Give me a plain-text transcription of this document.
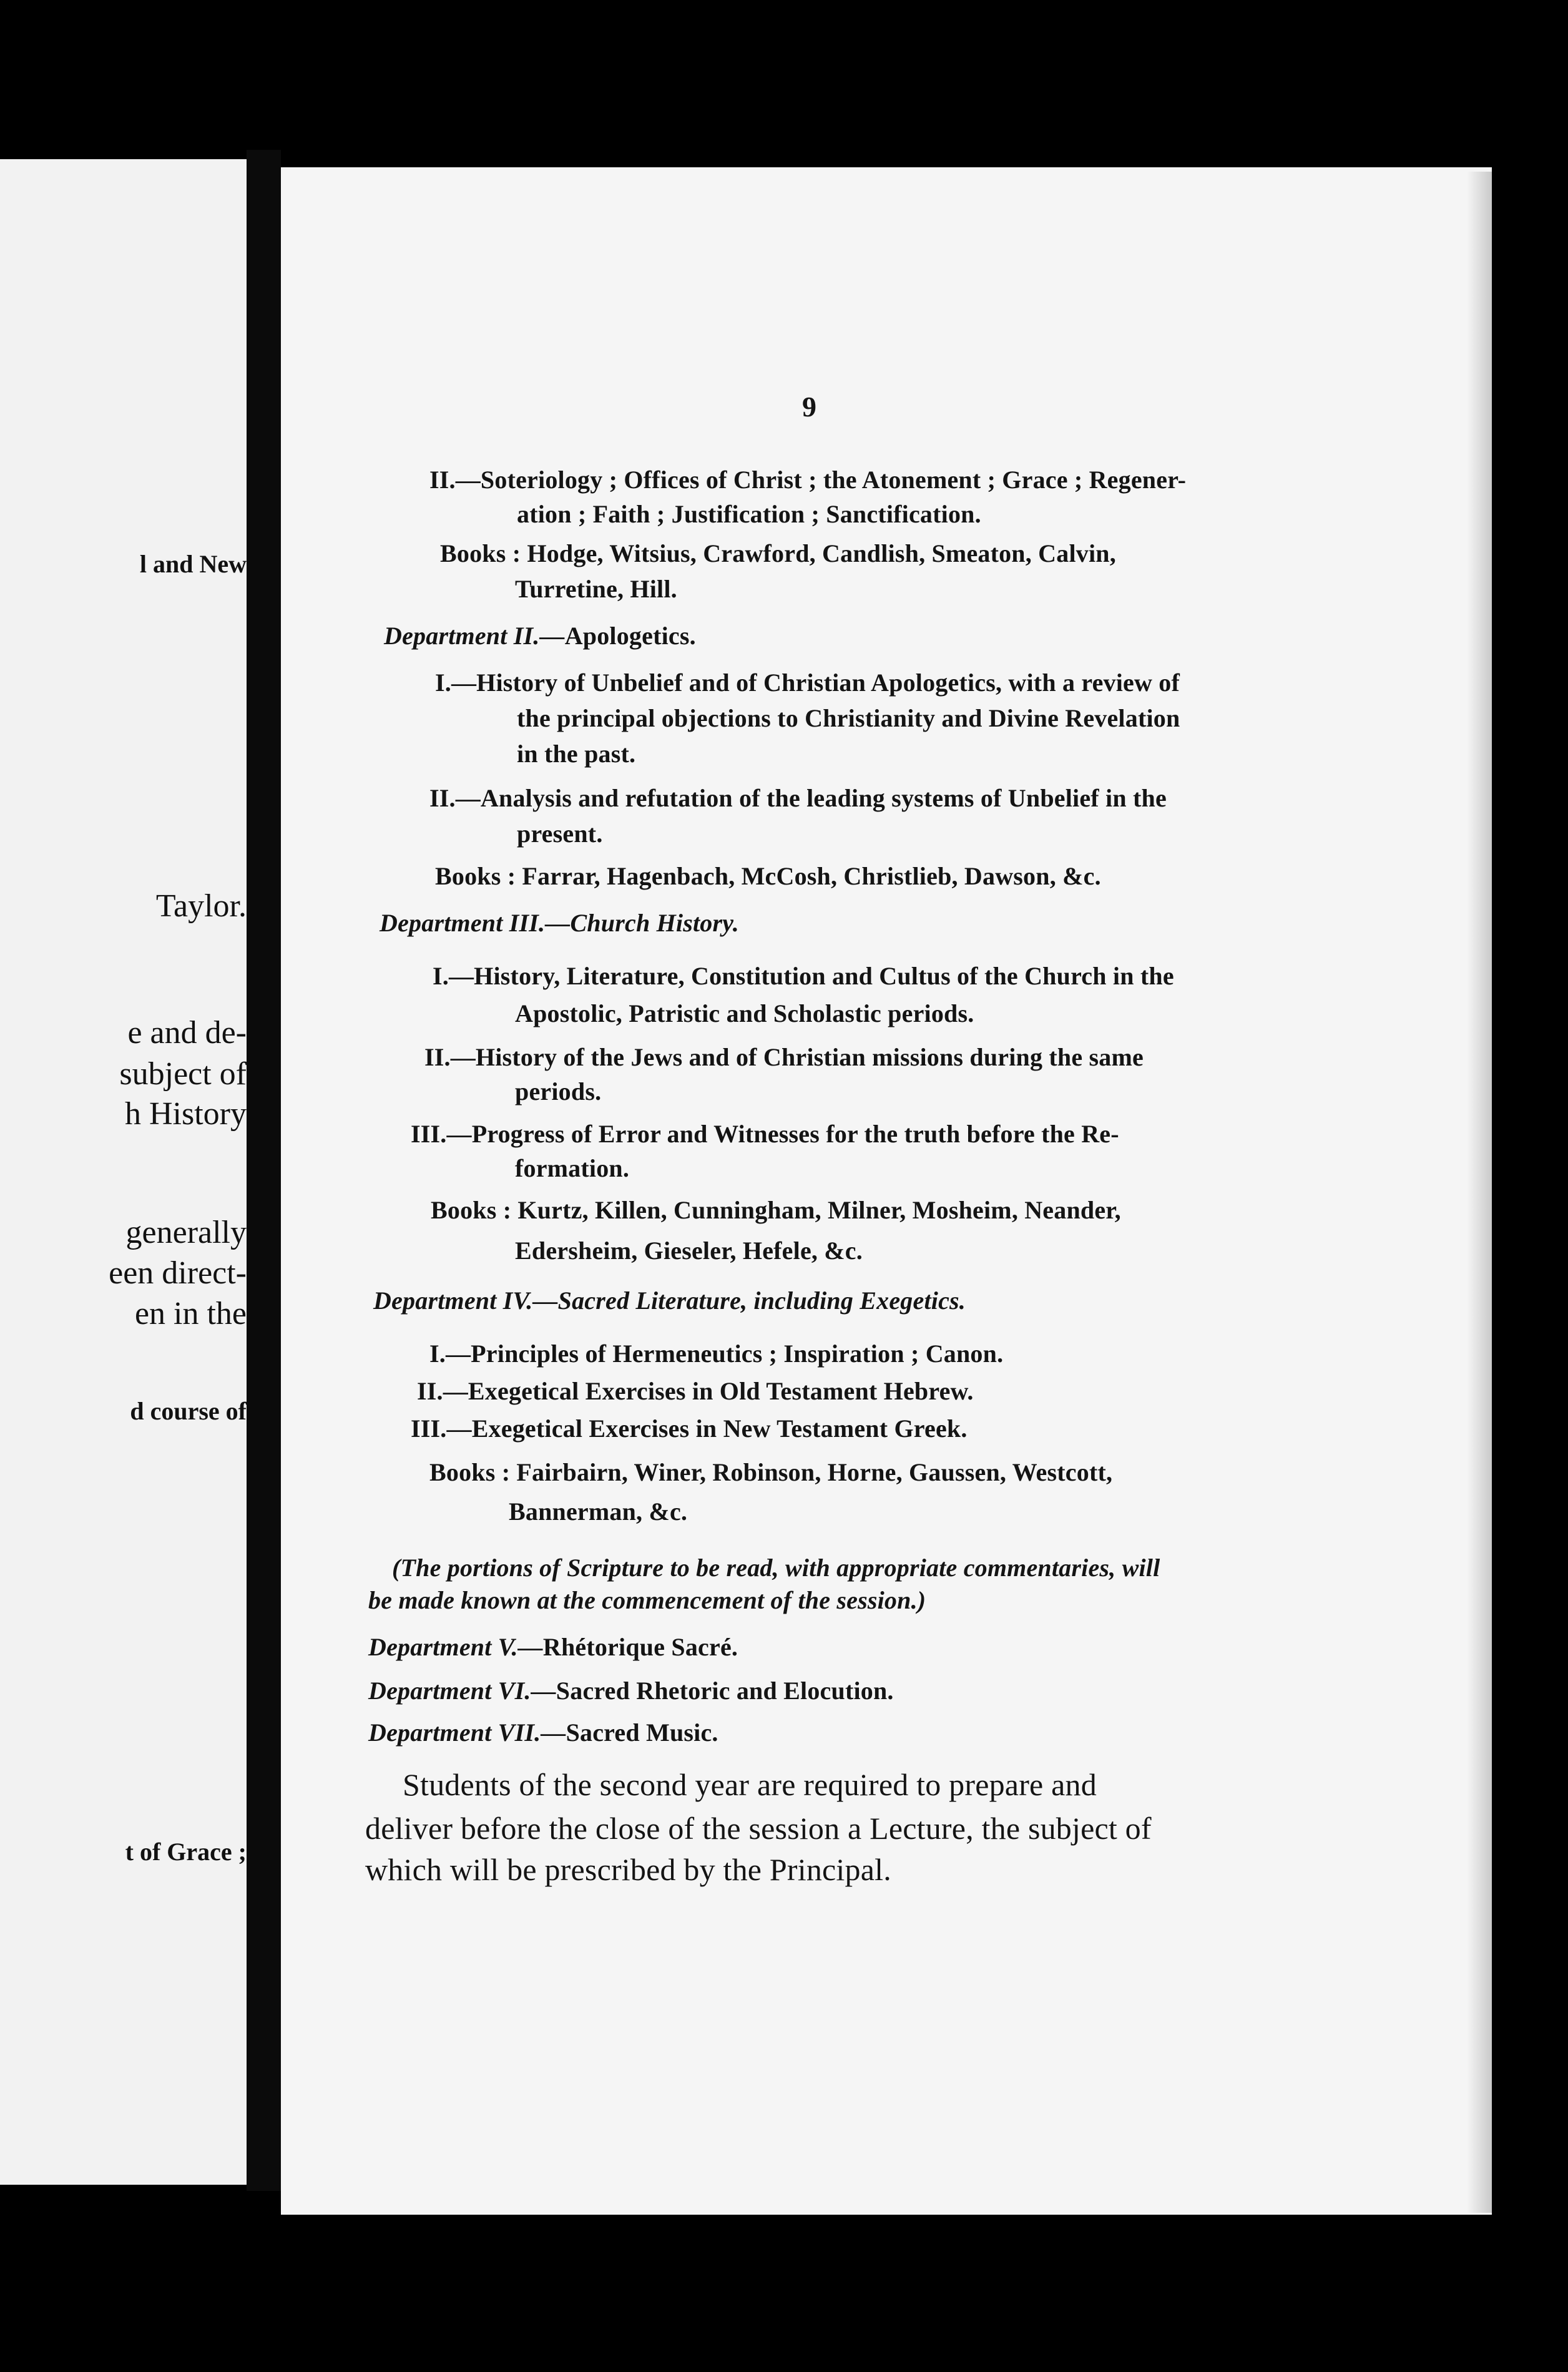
l and New
Taylor.
e and de-
subject of
h History
generally
een direct-
en in the
d course of
t of Grace ;
9
II.—Soteriology ; Offices of Christ ; the Atonement ; Grace ; Regener-
ation ; Faith ; Justification ; Sanctification.
Books : Hodge, Witsius, Crawford, Candlish, Smeaton, Calvin,
Turretine, Hill.
Department II.—Apologetics.
I.—History of Unbelief and of Christian Apologetics, with a review of
the principal objections to Christianity and Divine Revelation
in the past.
II.—Analysis and refutation of the leading systems of Unbelief in the
present.
Books : Farrar, Hagenbach, McCosh, Christlieb, Dawson, &c.
Department III.—Church History.
I.—History, Literature, Constitution and Cultus of the Church in the
Apostolic, Patristic and Scholastic periods.
II.—History of the Jews and of Christian missions during the same
periods.
III.—Progress of Error and Witnesses for the truth before the Re-
formation.
Books : Kurtz, Killen, Cunningham, Milner, Mosheim, Neander,
Edersheim, Gieseler, Hefele, &c.
Department IV.—Sacred Literature, including Exegetics.
I.—Principles of Hermeneutics ; Inspiration ; Canon.
II.—Exegetical Exercises in Old Testament Hebrew.
III.—Exegetical Exercises in New Testament Greek.
Books : Fairbairn, Winer, Robinson, Horne, Gaussen, Westcott,
Bannerman, &c.
(The portions of Scripture to be read, with appropriate commentaries, will
be made known at the commencement of the session.)
Department V.—Rhétorique Sacré.
Department VI.—Sacred Rhetoric and Elocution.
Department VII.—Sacred Music.
Students of the second year are required to prepare and
deliver before the close of the session a Lecture, the subject of
which will be prescribed by the Principal.
